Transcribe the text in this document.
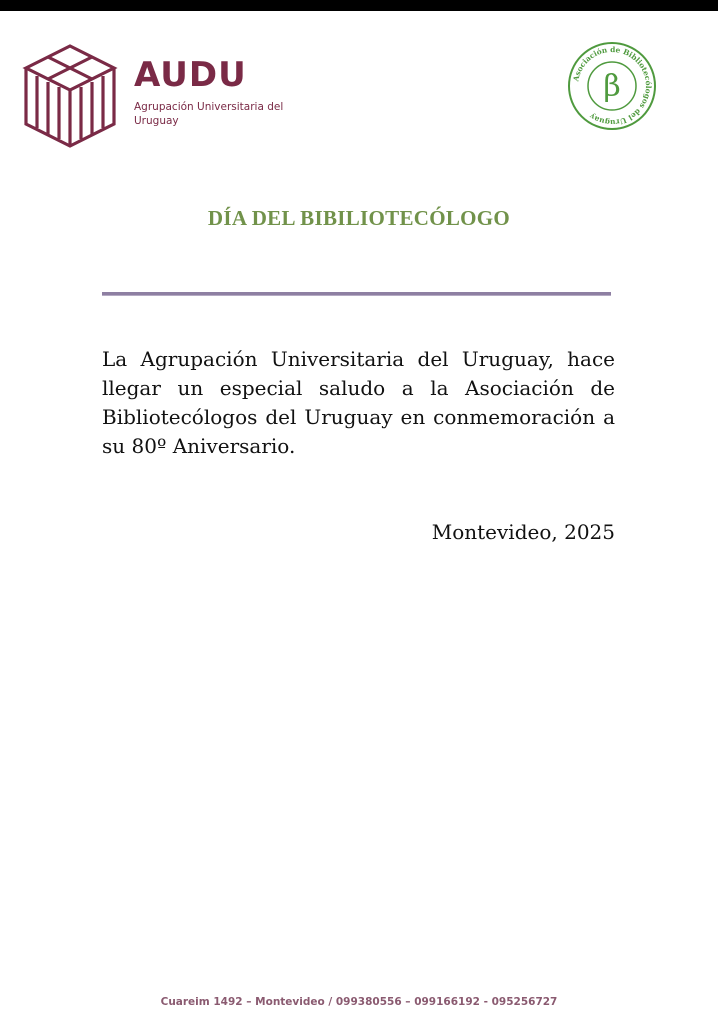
AUDU
Agrupación Universitaria del Uruguay
Asociación de Bibliotecólogos del Uruguay
β
DÍA DEL BIBILIOTECÓLOGO

La Agrupación Universitaria del Uruguay, hace llegar un especial saludo a la Asociación de Bibliotecólogos del Uruguay en conmemoración a su 80º Aniversario.

Montevideo, 2025
Cuareim 1492 – Montevideo / 099380556 – 099166192 - 095256727
